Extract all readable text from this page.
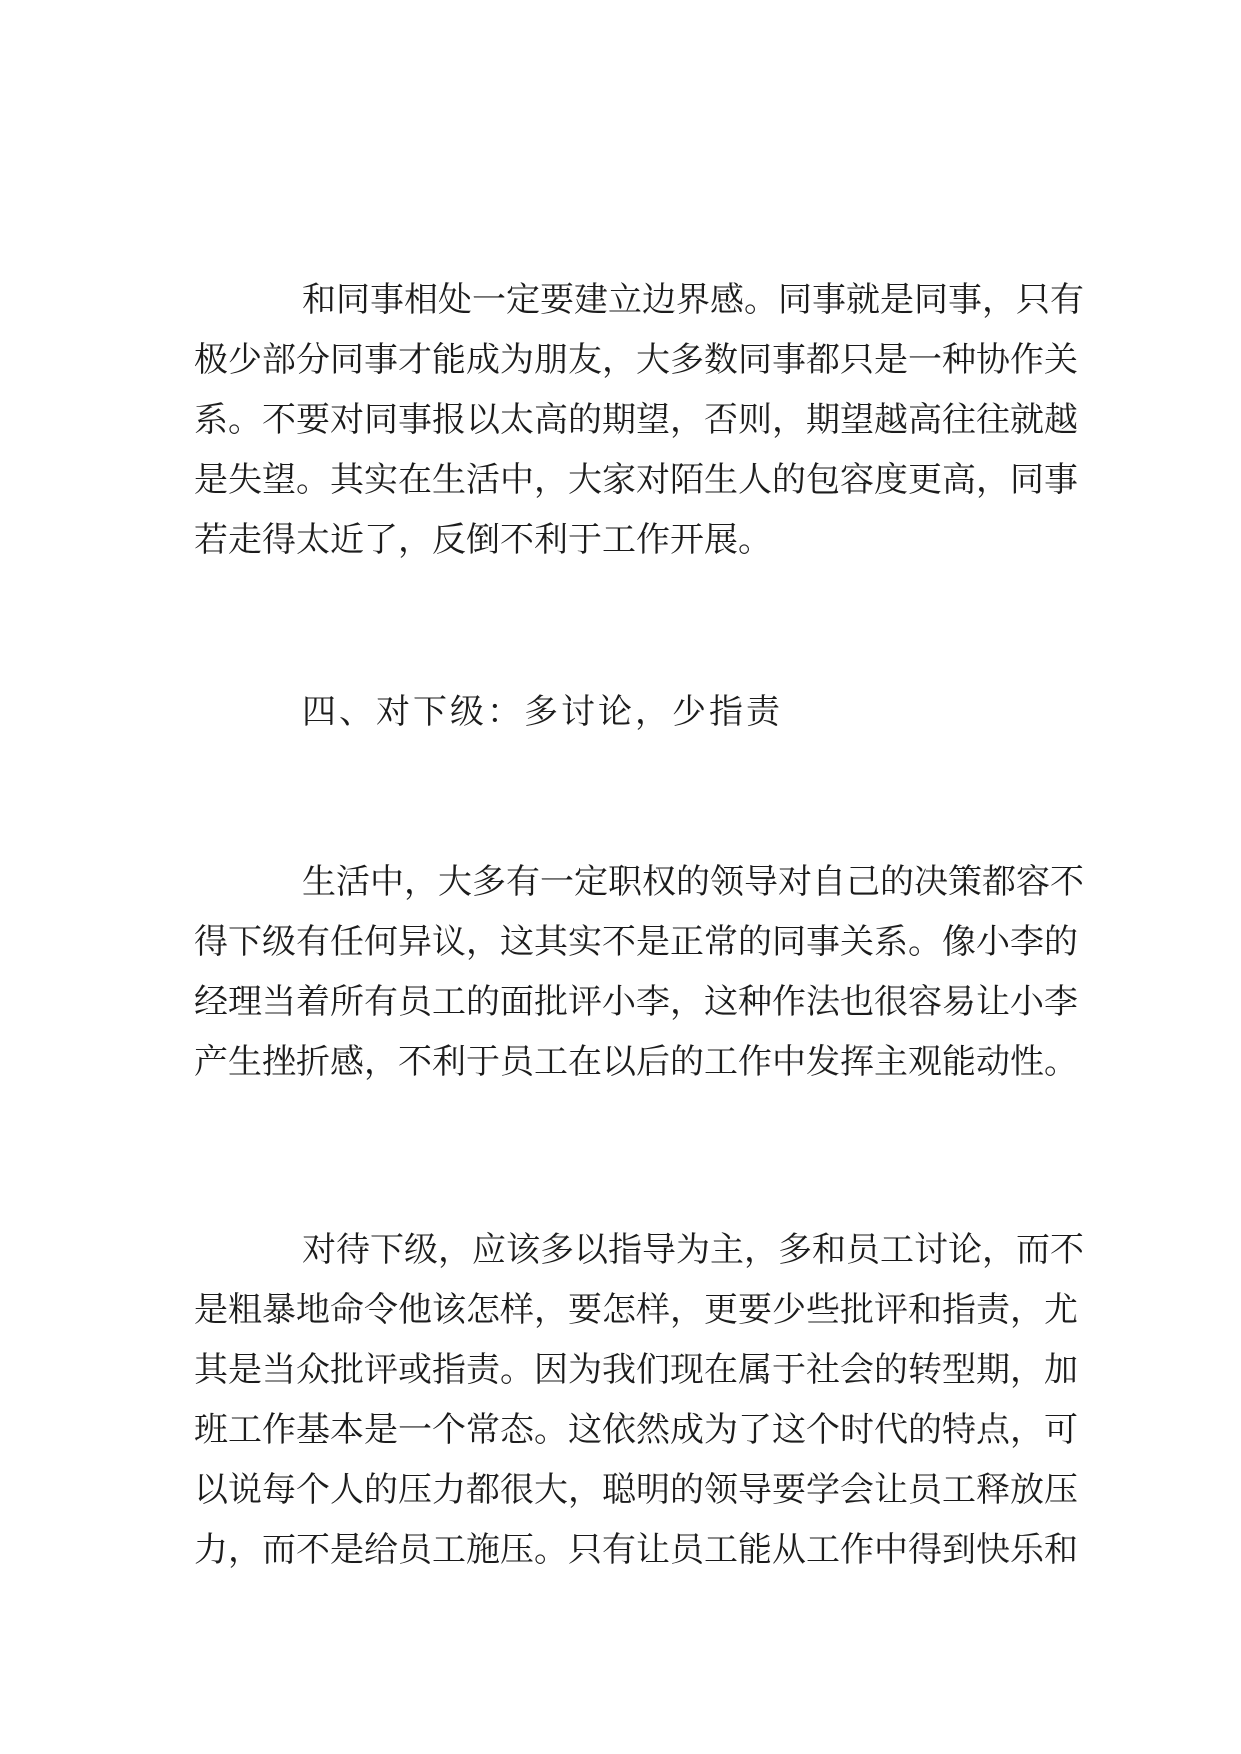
和同事相处一定要建立边界感。同事就是同事，只有
极少部分同事才能成为朋友，大多数同事都只是一种协作关
系。不要对同事报以太高的期望，否则，期望越高往往就越
是失望。其实在生活中，大家对陌生人的包容度更高，同事
若走得太近了，反倒不利于工作开展。
四、对下级：多讨论，少指责
生活中，大多有一定职权的领导对自己的决策都容不
得下级有任何异议，这其实不是正常的同事关系。像小李的
经理当着所有员工的面批评小李，这种作法也很容易让小李
产生挫折感，不利于员工在以后的工作中发挥主观能动性。
对待下级，应该多以指导为主，多和员工讨论，而不
是粗暴地命令他该怎样，要怎样，更要少些批评和指责，尤
其是当众批评或指责。因为我们现在属于社会的转型期，加
班工作基本是一个常态。这依然成为了这个时代的特点，可
以说每个人的压力都很大，聪明的领导要学会让员工释放压
力，而不是给员工施压。只有让员工能从工作中得到快乐和
